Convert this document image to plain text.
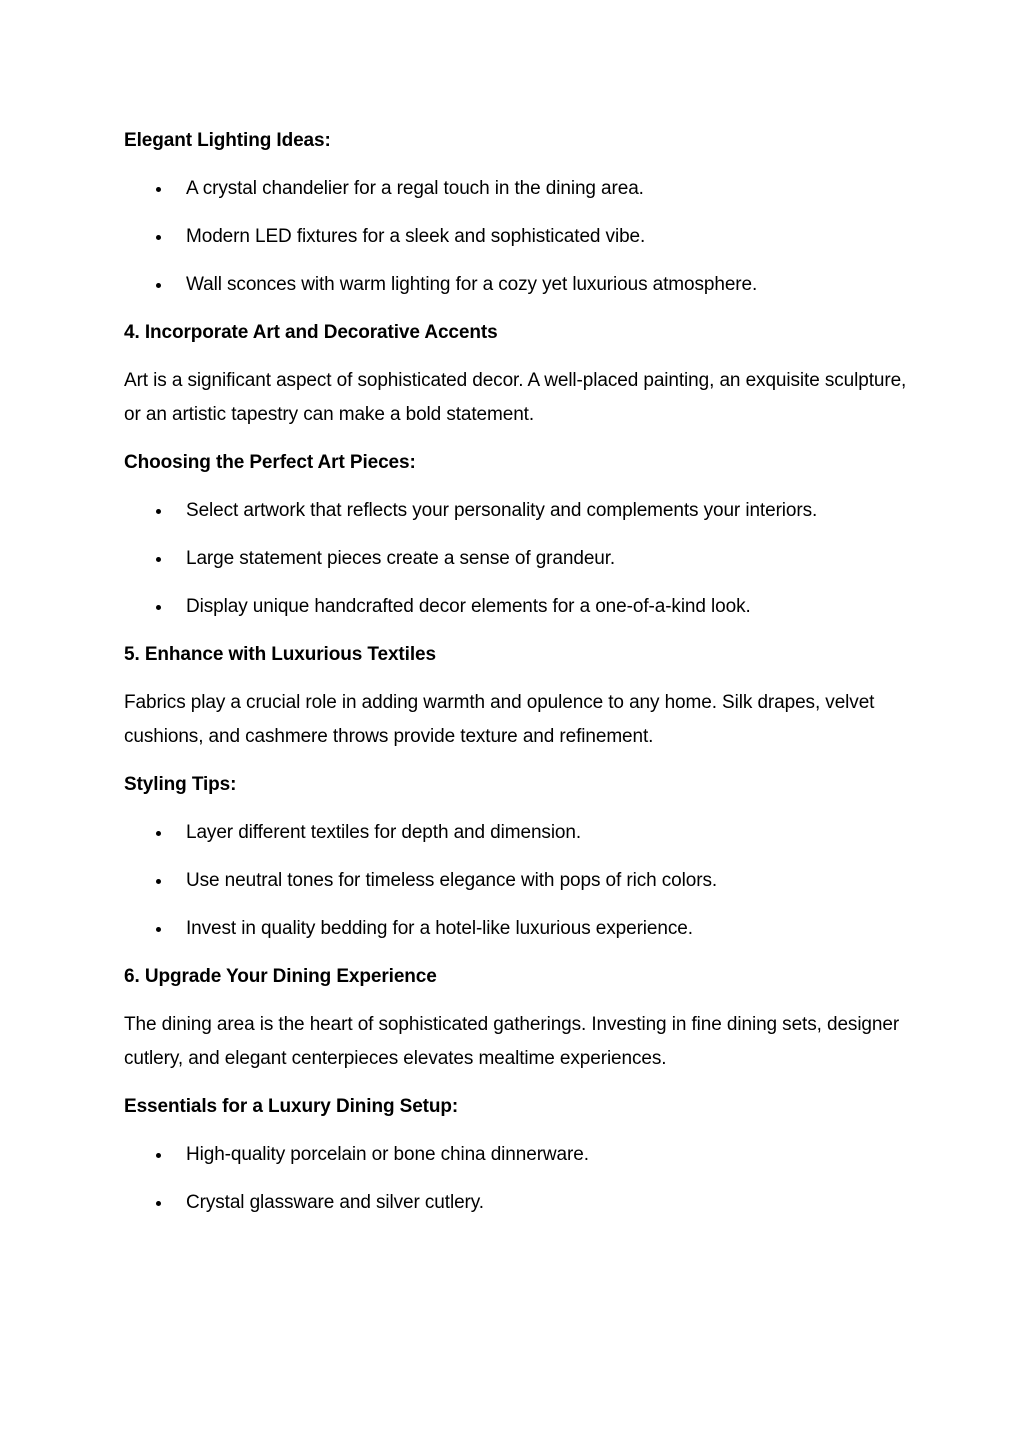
Elegant Lighting Ideas:
A crystal chandelier for a regal touch in the dining area.
Modern LED fixtures for a sleek and sophisticated vibe.
Wall sconces with warm lighting for a cozy yet luxurious atmosphere.
4. Incorporate Art and Decorative Accents
Art is a significant aspect of sophisticated decor. A well-placed painting, an exquisite sculpture, or an artistic tapestry can make a bold statement.
Choosing the Perfect Art Pieces:
Select artwork that reflects your personality and complements your interiors.
Large statement pieces create a sense of grandeur.
Display unique handcrafted decor elements for a one-of-a-kind look.
5. Enhance with Luxurious Textiles
Fabrics play a crucial role in adding warmth and opulence to any home. Silk drapes, velvet cushions, and cashmere throws provide texture and refinement.
Styling Tips:
Layer different textiles for depth and dimension.
Use neutral tones for timeless elegance with pops of rich colors.
Invest in quality bedding for a hotel-like luxurious experience.
6. Upgrade Your Dining Experience
The dining area is the heart of sophisticated gatherings. Investing in fine dining sets, designer cutlery, and elegant centerpieces elevates mealtime experiences.
Essentials for a Luxury Dining Setup:
High-quality porcelain or bone china dinnerware.
Crystal glassware and silver cutlery.
